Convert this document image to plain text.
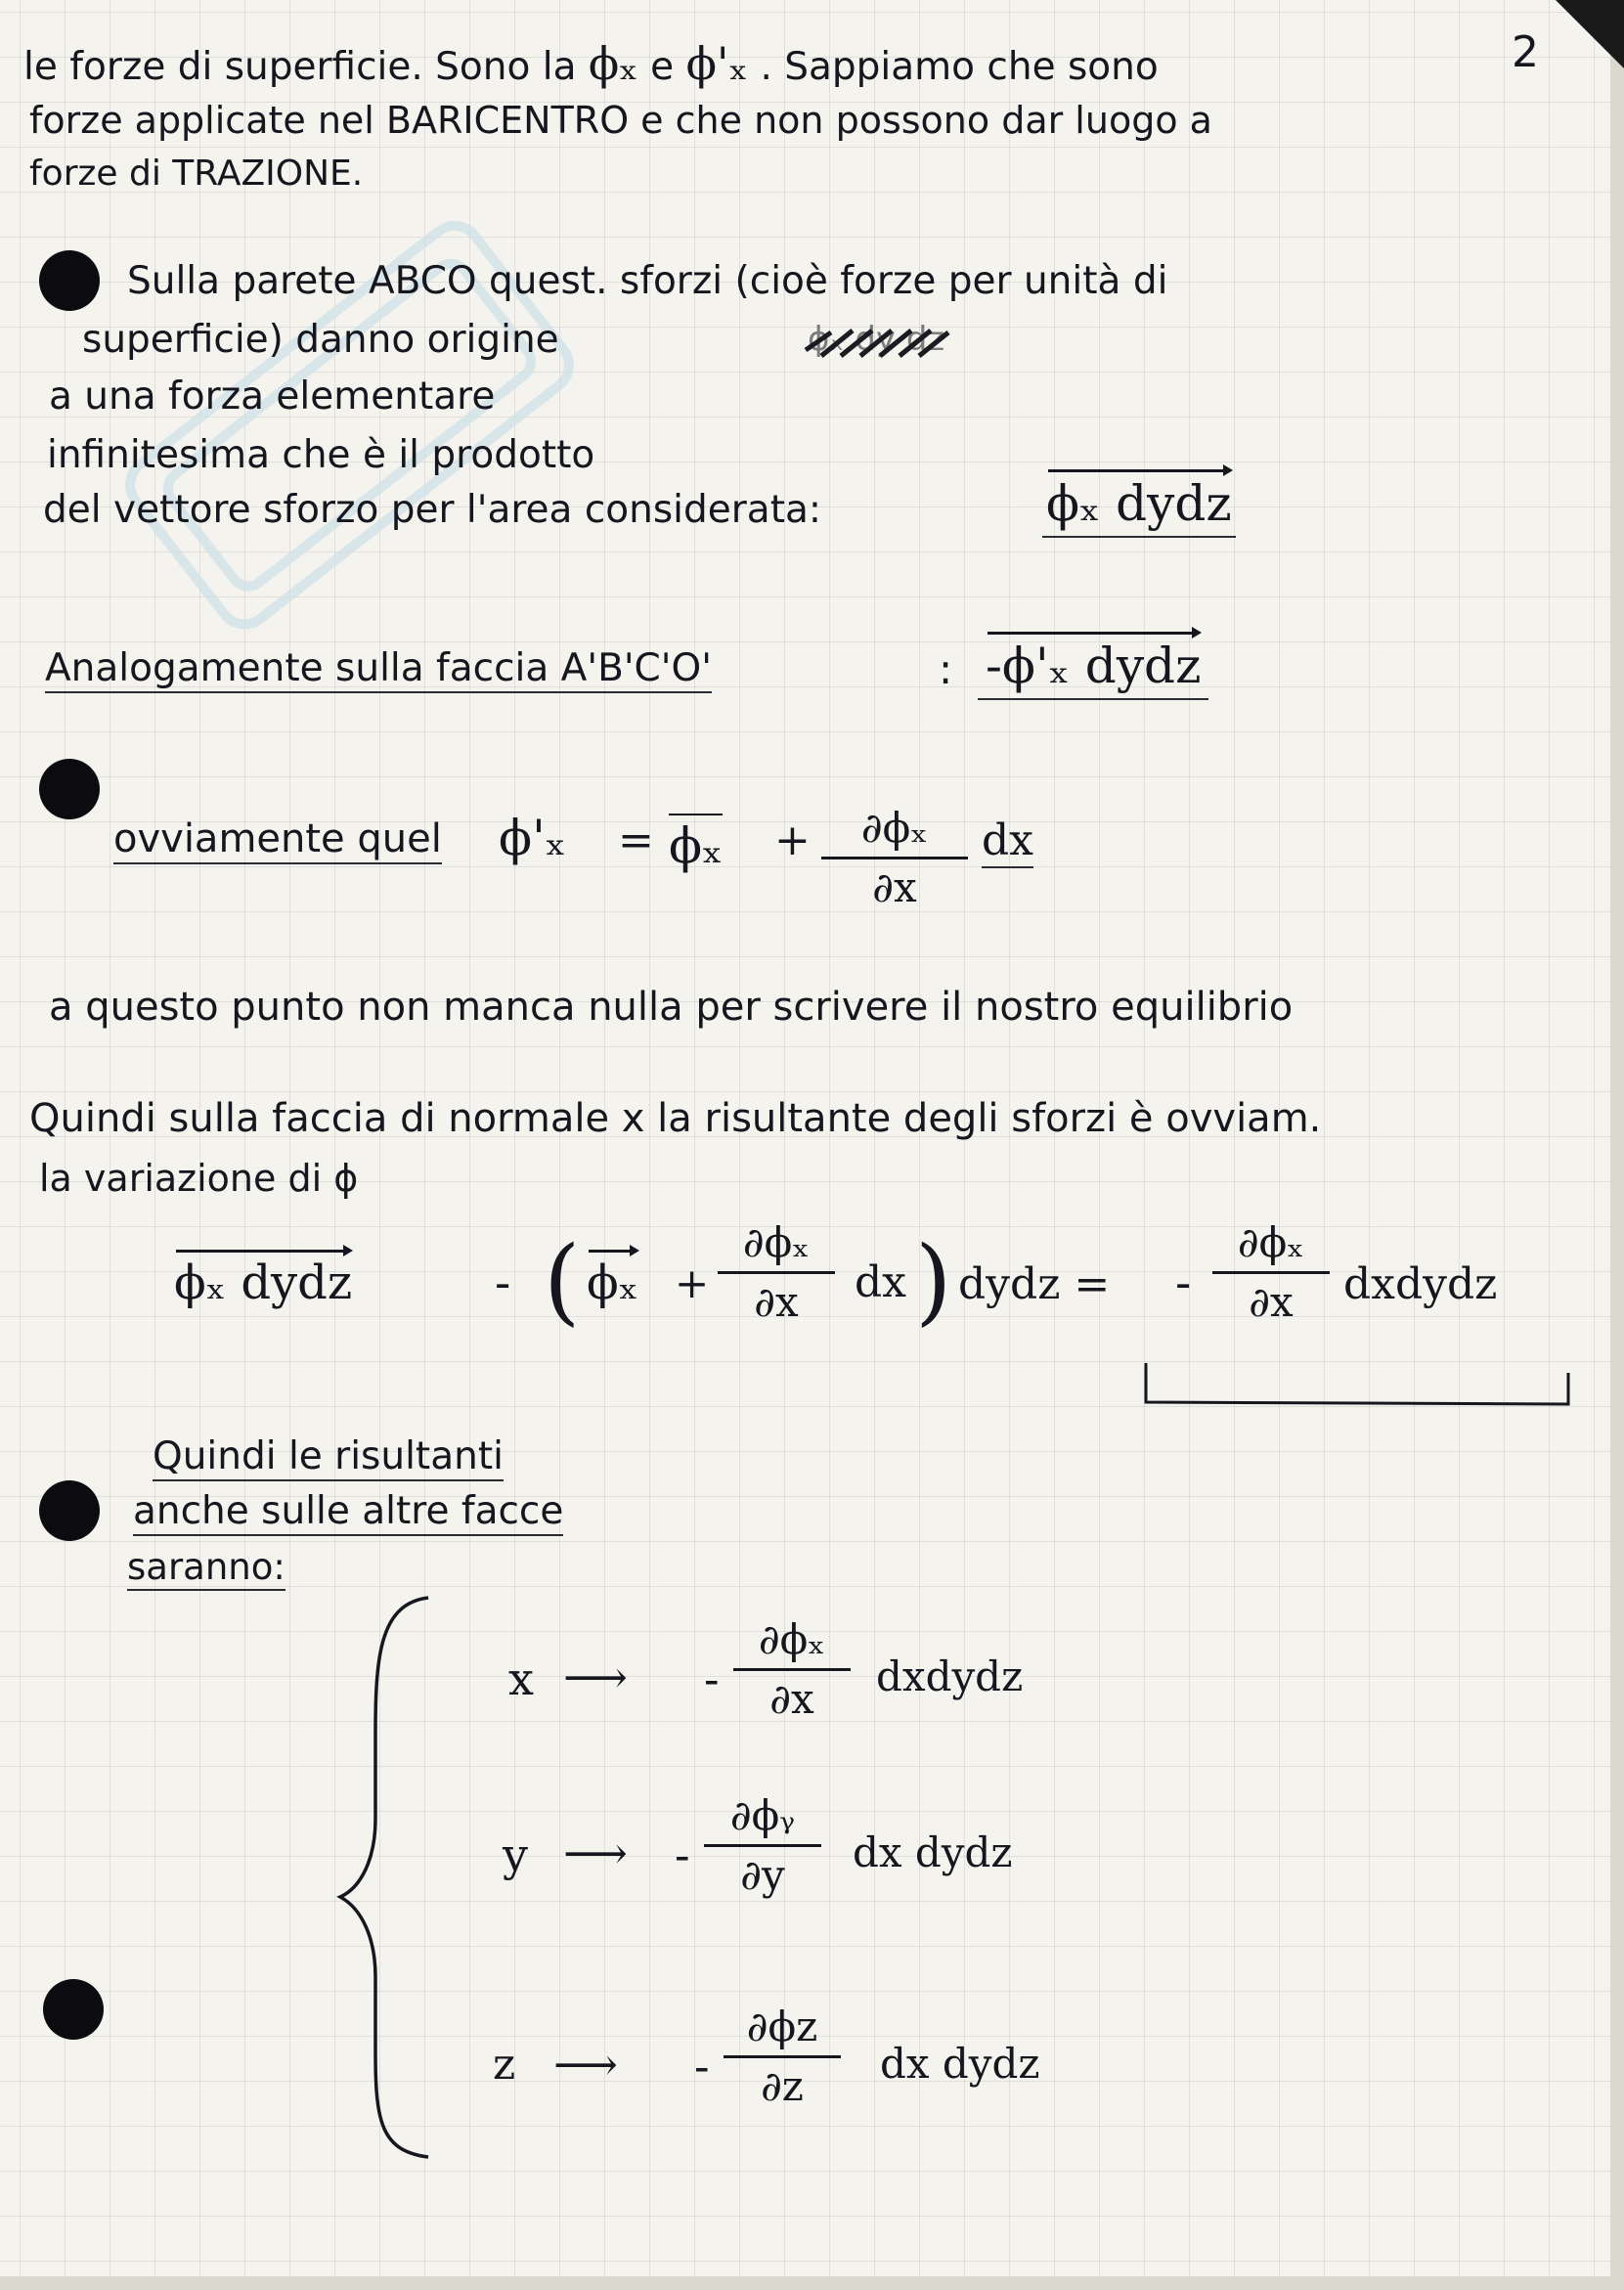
2
le forze di superficie. Sono la ϕₓ e ϕ'ₓ . Sappiamo che sono
forze applicate nel BARICENTRO e che non possono dar luogo a
forze di TRAZIONE.
Sulla parete ABCO quest. sforzi (cioè forze per unità di
superficie) danno origine	ϕₓ dy dz
a una forza elementare
infinitesima che è il prodotto
del vettore sforzo per l'area considerata:	ϕₓ dydz
Analogamente sulla faccia A'B'C'O'	: -ϕ'ₓ dydz
ovviamente quel ϕ'ₓ = ϕₓ +	∂ϕₓ
∂x
dx
a questo punto non manca nulla per scrivere il nostro equilibrio
Quindi sulla faccia di normale x la risultante degli sforzi è ovviam.
la variazione di ϕ
ϕₓ dydz	- ( ϕₓ +
∂ϕₓ
∂x	dx ) dydz = -
∂ϕₓ
∂x	dxdydz
Quindi le risultanti
anche sulle altre facce
saranno:
x ⟶ -
∂ϕₓ
∂x	dxdydz
y ⟶ -
∂ϕᵧ
∂y	dx dydz
z ⟶ -
∂ϕz
∂z	dx dydz
